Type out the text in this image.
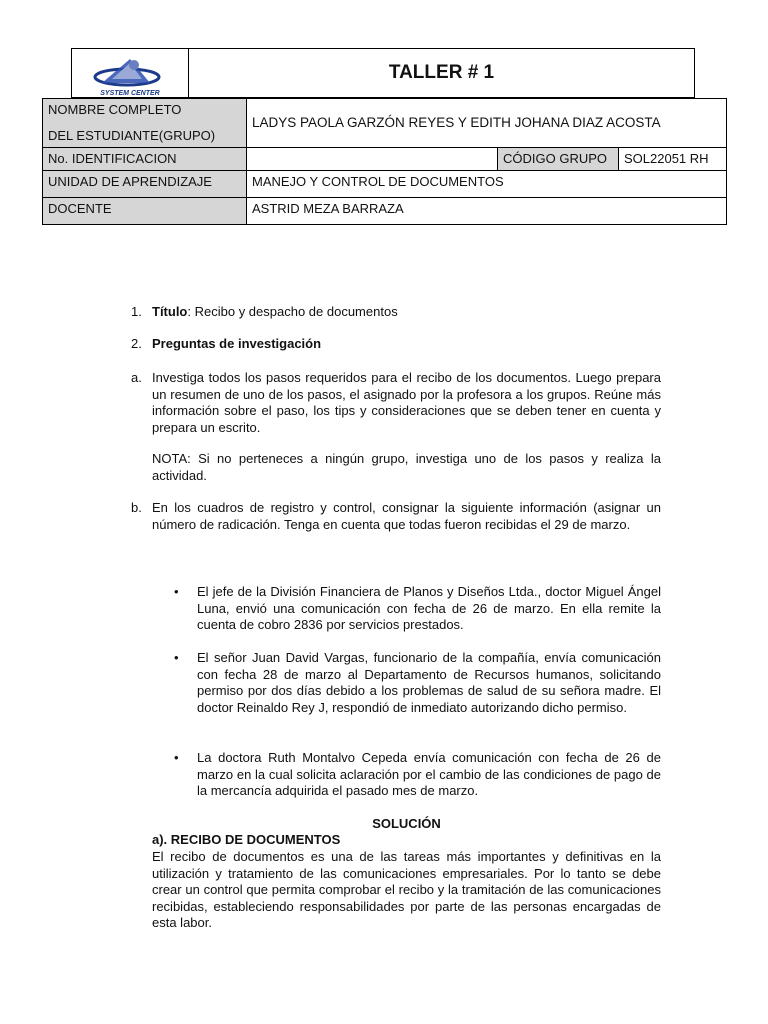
SYSTEM CENTER
TALLER # 1
NOMBRE COMPLETO
DEL ESTUDIANTE(GRUPO)	LADYS PAOLA GARZÓN REYES Y EDITH JOHANA DIAZ ACOSTA		
No. IDENTIFICACION		CÓDIGO GRUPO	SOL22051 RH
UNIDAD DE APRENDIZAJE	MANEJO Y CONTROL DE DOCUMENTOS		
DOCENTE	ASTRID MEZA BARRAZA		
1. Título: Recibo y despacho de documentos
2. Preguntas de investigación
a. Investiga todos los pasos requeridos para el recibo de los documentos. Luego prepara un resumen de uno de los pasos, el asignado por la profesora a los grupos. Reúne más información sobre el paso, los tips y consideraciones que se deben tener en cuenta y prepara un escrito.
NOTA: Si no perteneces a ningún grupo, investiga uno de los pasos y realiza la actividad.
b. En los cuadros de registro y control, consignar la siguiente información (asignar un número de radicación. Tenga en cuenta que todas fueron recibidas el 29 de marzo.
• El jefe de la División Financiera de Planos y Diseños Ltda., doctor Miguel Ángel Luna, envió una comunicación con fecha de 26 de marzo. En ella remite la cuenta de cobro 2836 por servicios prestados.
• El señor Juan David Vargas, funcionario de la compañía, envía comunicación con fecha 28 de marzo al Departamento de Recursos humanos, solicitando permiso por dos días debido a los problemas de salud de su señora madre. El doctor Reinaldo Rey J, respondió de inmediato autorizando dicho permiso.
• La doctora Ruth Montalvo Cepeda envía comunicación con fecha de 26 de marzo en la cual solicita aclaración por el cambio de las condiciones de pago de la mercancía adquirida el pasado mes de marzo.
SOLUCIÓN
a). RECIBO DE DOCUMENTOS
El recibo de documentos es una de las tareas más importantes y definitivas en la utilización y tratamiento de las comunicaciones empresariales. Por lo tanto se debe crear un control que permita comprobar el recibo y la tramitación de las comunicaciones recibidas, estableciendo responsabilidades por parte de las personas encargadas de esta labor.
